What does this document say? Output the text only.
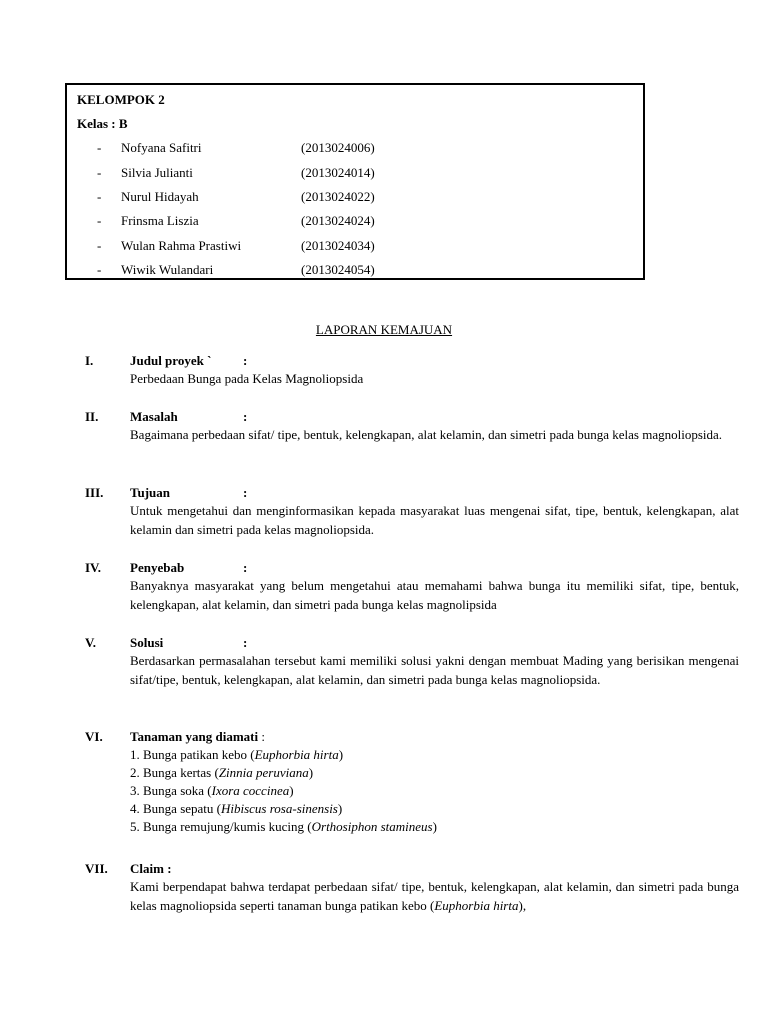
KELOMPOK 2
Kelas : B
- Nofyana Safitri	(2013024006)
- Silvia Julianti	(2013024014)
- Nurul Hidayah	(2013024022)
- Frinsma Liszia	(2013024024)
- Wulan Rahma Prastiwi	(2013024034)
- Wiwik Wulandari	(2013024054)
LAPORAN KEMAJUAN
I.	Judul proyek ` :
Perbedaan Bunga pada Kelas Magnoliopsida
II. Masalah	:
Bagaimana perbedaan sifat/ tipe, bentuk, kelengkapan, alat kelamin, dan simetri pada bunga kelas magnoliopsida.
III. Tujuan	:
Untuk mengetahui dan menginformasikan kepada masyarakat luas mengenai sifat, tipe, bentuk, kelengkapan, alat kelamin dan simetri pada kelas magnoliopsida.
IV. Penyebab	:
Banyaknya masyarakat yang belum mengetahui atau memahami bahwa bunga itu memiliki sifat, tipe, bentuk, kelengkapan, alat kelamin, dan simetri pada bunga kelas magnolipsida
V.	Solusi	:
Berdasarkan permasalahan tersebut kami memiliki solusi yakni dengan membuat Mading yang berisikan mengenai sifat/tipe, bentuk, kelengkapan, alat kelamin, dan simetri pada bunga kelas magnoliopsida.
VI. Tanaman yang diamati :
1. Bunga patikan kebo (Euphorbia hirta)
2. Bunga kertas (Zinnia peruviana)
3. Bunga soka (Ixora coccinea)
4. Bunga sepatu (Hibiscus rosa-sinensis)
5. Bunga remujung/kumis kucing (Orthosiphon stamineus)
VII. Claim :
Kami berpendapat bahwa terdapat perbedaan sifat/ tipe, bentuk, kelengkapan, alat kelamin, dan simetri pada bunga kelas magnoliopsida seperti tanaman bunga patikan kebo (Euphorbia hirta),
